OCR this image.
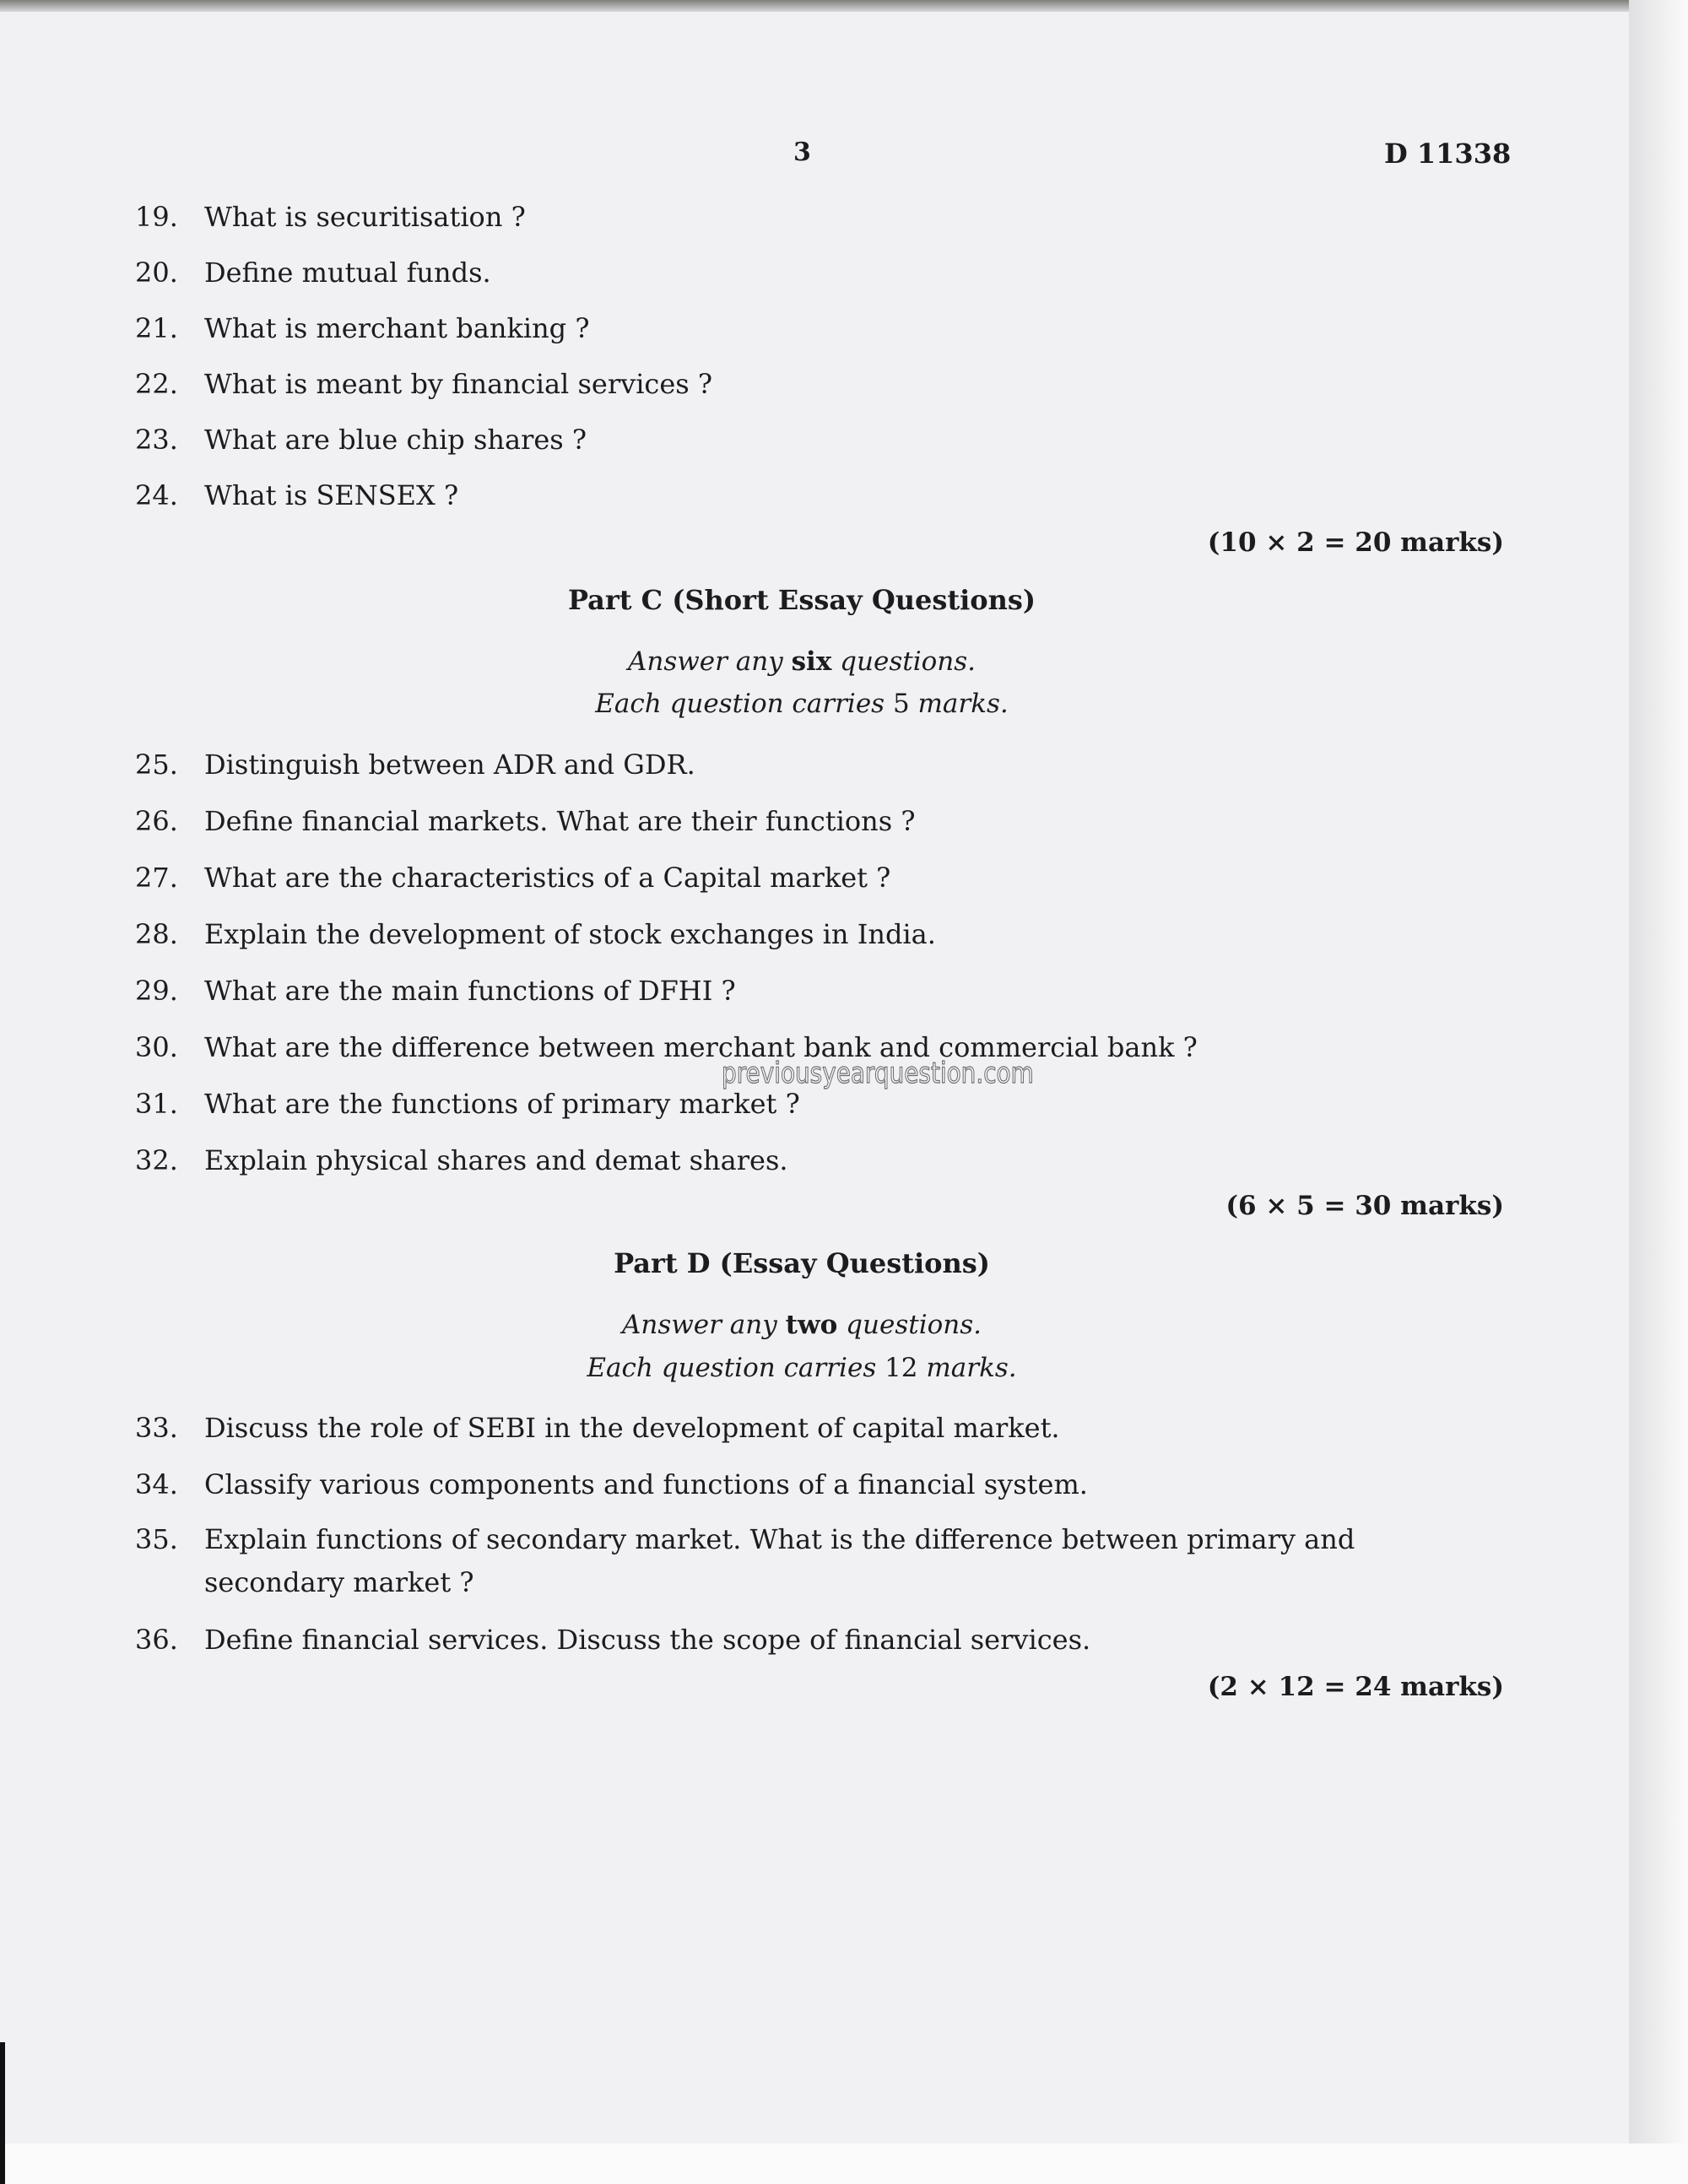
3	D 11338
19. What is securitisation ?
20. Define mutual funds.
21. What is merchant banking ?
22. What is meant by financial services ?
23. What are blue chip shares ?
24. What is SENSEX ?
(10 × 2 = 20 marks)
Part C (Short Essay Questions)
Answer any six questions.
Each question carries 5 marks.
25. Distinguish between ADR and GDR.
26. Define financial markets. What are their functions ?
27. What are the characteristics of a Capital market ?
28. Explain the development of stock exchanges in India.
29. What are the main functions of DFHI ?
30. What are the difference between merchant bank and commercial bank ?
31. What are the functions of primary market ?
32. Explain physical shares and demat shares.
previousyearquestion.com
(6 × 5 = 30 marks)
Part D (Essay Questions)
Answer any two questions.
Each question carries 12 marks.
33. Discuss the role of SEBI in the development of capital market.
34. Classify various components and functions of a financial system.
35. Explain functions of secondary market. What is the difference between primary and secondary market ?
36. Define financial services. Discuss the scope of financial services.
(2 × 12 = 24 marks)
